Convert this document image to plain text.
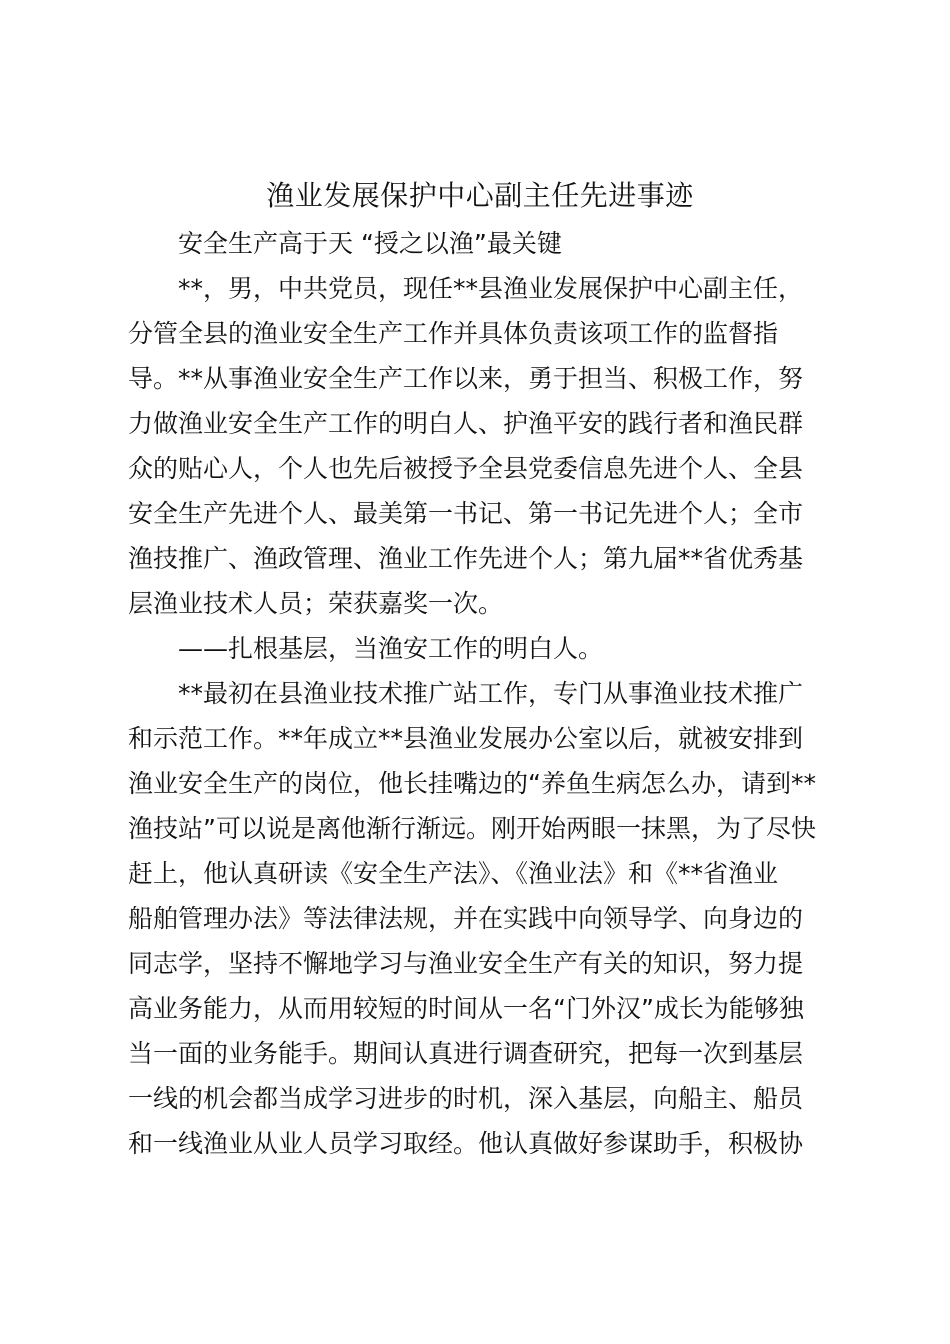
渔业发展保护中心副主任先进事迹
安全生产高于天 “授之以渔”最关键
**，男，中共党员，现任**县渔业发展保护中心副主任，
分管全县的渔业安全生产工作并具体负责该项工作的监督指
导。**从事渔业安全生产工作以来，勇于担当、积极工作，努
力做渔业安全生产工作的明白人、护渔平安的践行者和渔民群
众的贴心人，个人也先后被授予全县党委信息先进个人、全县
安全生产先进个人、最美第一书记、第一书记先进个人；全市
渔技推广、渔政管理、渔业工作先进个人；第九届**省优秀基
层渔业技术人员；荣获嘉奖一次。
——扎根基层，当渔安工作的明白人。
**最初在县渔业技术推广站工作，专门从事渔业技术推广
和示范工作。**年成立**县渔业发展办公室以后，就被安排到
渔业安全生产的岗位，他长挂嘴边的“养鱼生病怎么办，请到**
渔技站”可以说是离他渐行渐远。刚开始两眼一抹黑，为了尽快
赶上，他认真研读《安全生产法》、《渔业法》和《**省渔业
船舶管理办法》等法律法规，并在实践中向领导学、向身边的
同志学，坚持不懈地学习与渔业安全生产有关的知识，努力提
高业务能力，从而用较短的时间从一名“门外汉”成长为能够独
当一面的业务能手。期间认真进行调查研究，把每一次到基层
一线的机会都当成学习进步的时机，深入基层，向船主、船员
和一线渔业从业人员学习取经。他认真做好参谋助手，积极协
